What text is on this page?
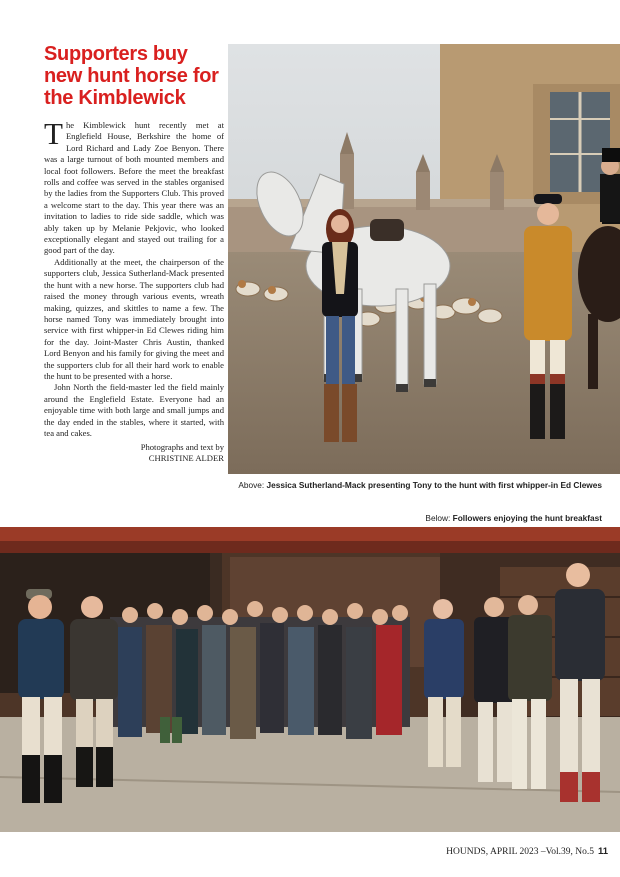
Supporters buy new hunt horse for the Kimblewick

The Kimblewick hunt recently met at Englefield House, Berkshire the home of Lord Richard and Lady Zoe Benyon. There was a large turnout of both mounted members and local foot followers. Before the meet the breakfast rolls and coffee was served in the stables organised by the ladies from the Supporters Club. This proved a welcome start to the day. This year there was an invitation to ladies to ride side saddle, which was ably taken up by Melanie Pekjovic, who looked exceptionally elegant and stayed out trailing for a good part of the day.

Additionally at the meet, the chairperson of the supporters club, Jessica Sutherland-Mack presented the hunt with a new horse. The supporters club had raised the money through various events, wreath making, quizzes, and skittles to name a few. The horse named Tony was immediately brought into service with first whipper-in Ed Clewes riding him for the day. Joint-Master Chris Austin, thanked Lord Benyon and his family for giving the meet and the supporters club for all their hard work to enable the hunt to be presented with a horse.

John North the field-master led the field mainly around the Englefield Estate. Everyone had an enjoyable time with both large and small jumps and the day ended in the stables, where it started, with tea and cakes.

Photographs and text by
CHRISTINE ALDER
Above: Jessica Sutherland-Mack presenting Tony to the hunt with first whipper-in Ed Clewes
Below: Followers enjoying the hunt breakfast
HOUNDS, APRIL 2023 –Vol.39, No.5 11
